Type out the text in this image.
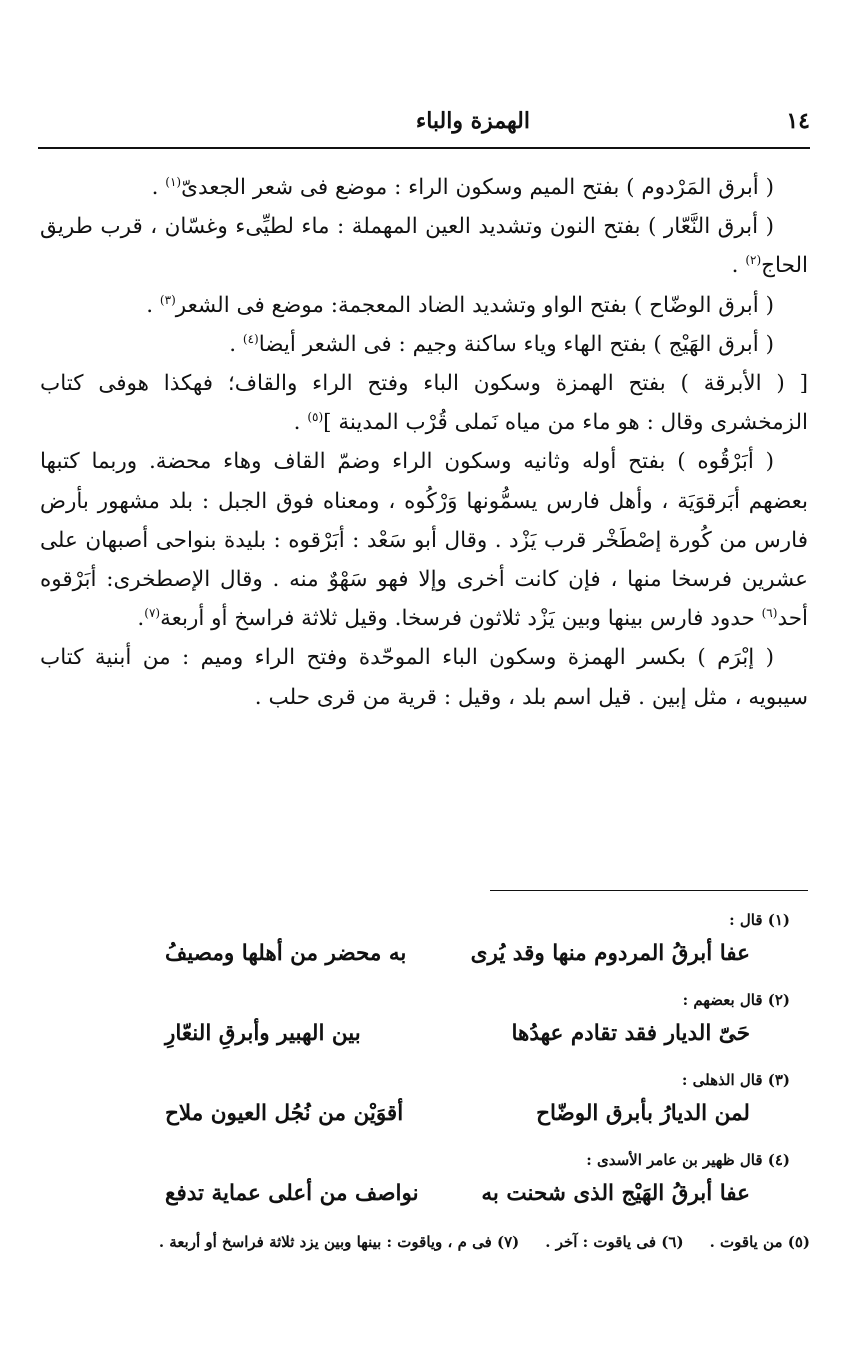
١٤
الهمزة والباء

( أبرق المَرْدوم ) بفتح الميم وسكون الراء : موضع فى شعر الجعدىّ$^{(١)}$ .

( أبرق النَّعّار ) بفتح النون وتشديد العين المهملة : ماء لطيِّىء وغسّان ، قرب طريق الحاج$^{(٢)}$ .

( أبرق الوضّاح ) بفتح الواو وتشديد الضاد المعجمة: موضع فى الشعر$^{(٣)}$ .

( أبرق الهَيْج ) بفتح الهاء وياء ساكنة وجيم : فى الشعر أيضا$^{(٤)}$ .

[ ( الأبرقة ) بفتح الهمزة وسكون الباء وفتح الراء والقاف؛ فهكذا هوفى كتاب الزمخشرى وقال : هو ماء من مياه نَملى قُرْب المدينة ]$^{(٥)}$ .

( أبَرْقُوه ) بفتح أوله وثانيه وسكون الراء وضمّ القاف وهاء محضة. وربما كتبها بعضهم أبَرقوَيَة ، وأهل فارس يسمُّونها وَرْكُوه ، ومعناه فوق الجبل : بلد مشهور بأرض فارس من كُورة إصْطَخْر قرب يَزْد . وقال أبو سَعْد : أبَرْقوه : بليدة بنواحى أصبهان على عشرين فرسخا منها ، فإن كانت أخرى وإلا فهو سَهْوٌ منه . وقال الإصطخرى: أبَرْقوه أحد$^{(٦)}$ حدود فارس بينها وبين يَزْد ثلاثون فرسخا. وقيل ثلاثة فراسخ أو أربعة$^{(٧)}$.

( إبْرَم ) بكسر الهمزة وسكون الباء الموحّدة وفتح الراء وميم : من أبنية كتاب سيبويه ، مثل إبين . قيل اسم بلد ، وقيل : قرية من قرى حلب .

(١) قال :
عفا أبرقُ المردوم منها وقد يُرى
به محضر من أهلها ومصيفُ
(٢) قال بعضهم :
حَىّ الديار فقد تقادم عهدُها
بين الهبير وأبرقِ النعّارِ
(٣) قال الذهلى :
لمن الديارُ بأبرق الوضّاح
أقوَيْن من نُجُل العيون ملاح
(٤) قال ظهير بن عامر الأسدى :
عفا أبرقُ الهَيْج الذى شحنت به
نواصف من أعلى عماية تدفع
(٥) من ياقوت .(٦) فى ياقوت : آخر .(٧) فى م ، وياقوت : بينها وبين يزد ثلاثة فراسخ أو أربعة .
